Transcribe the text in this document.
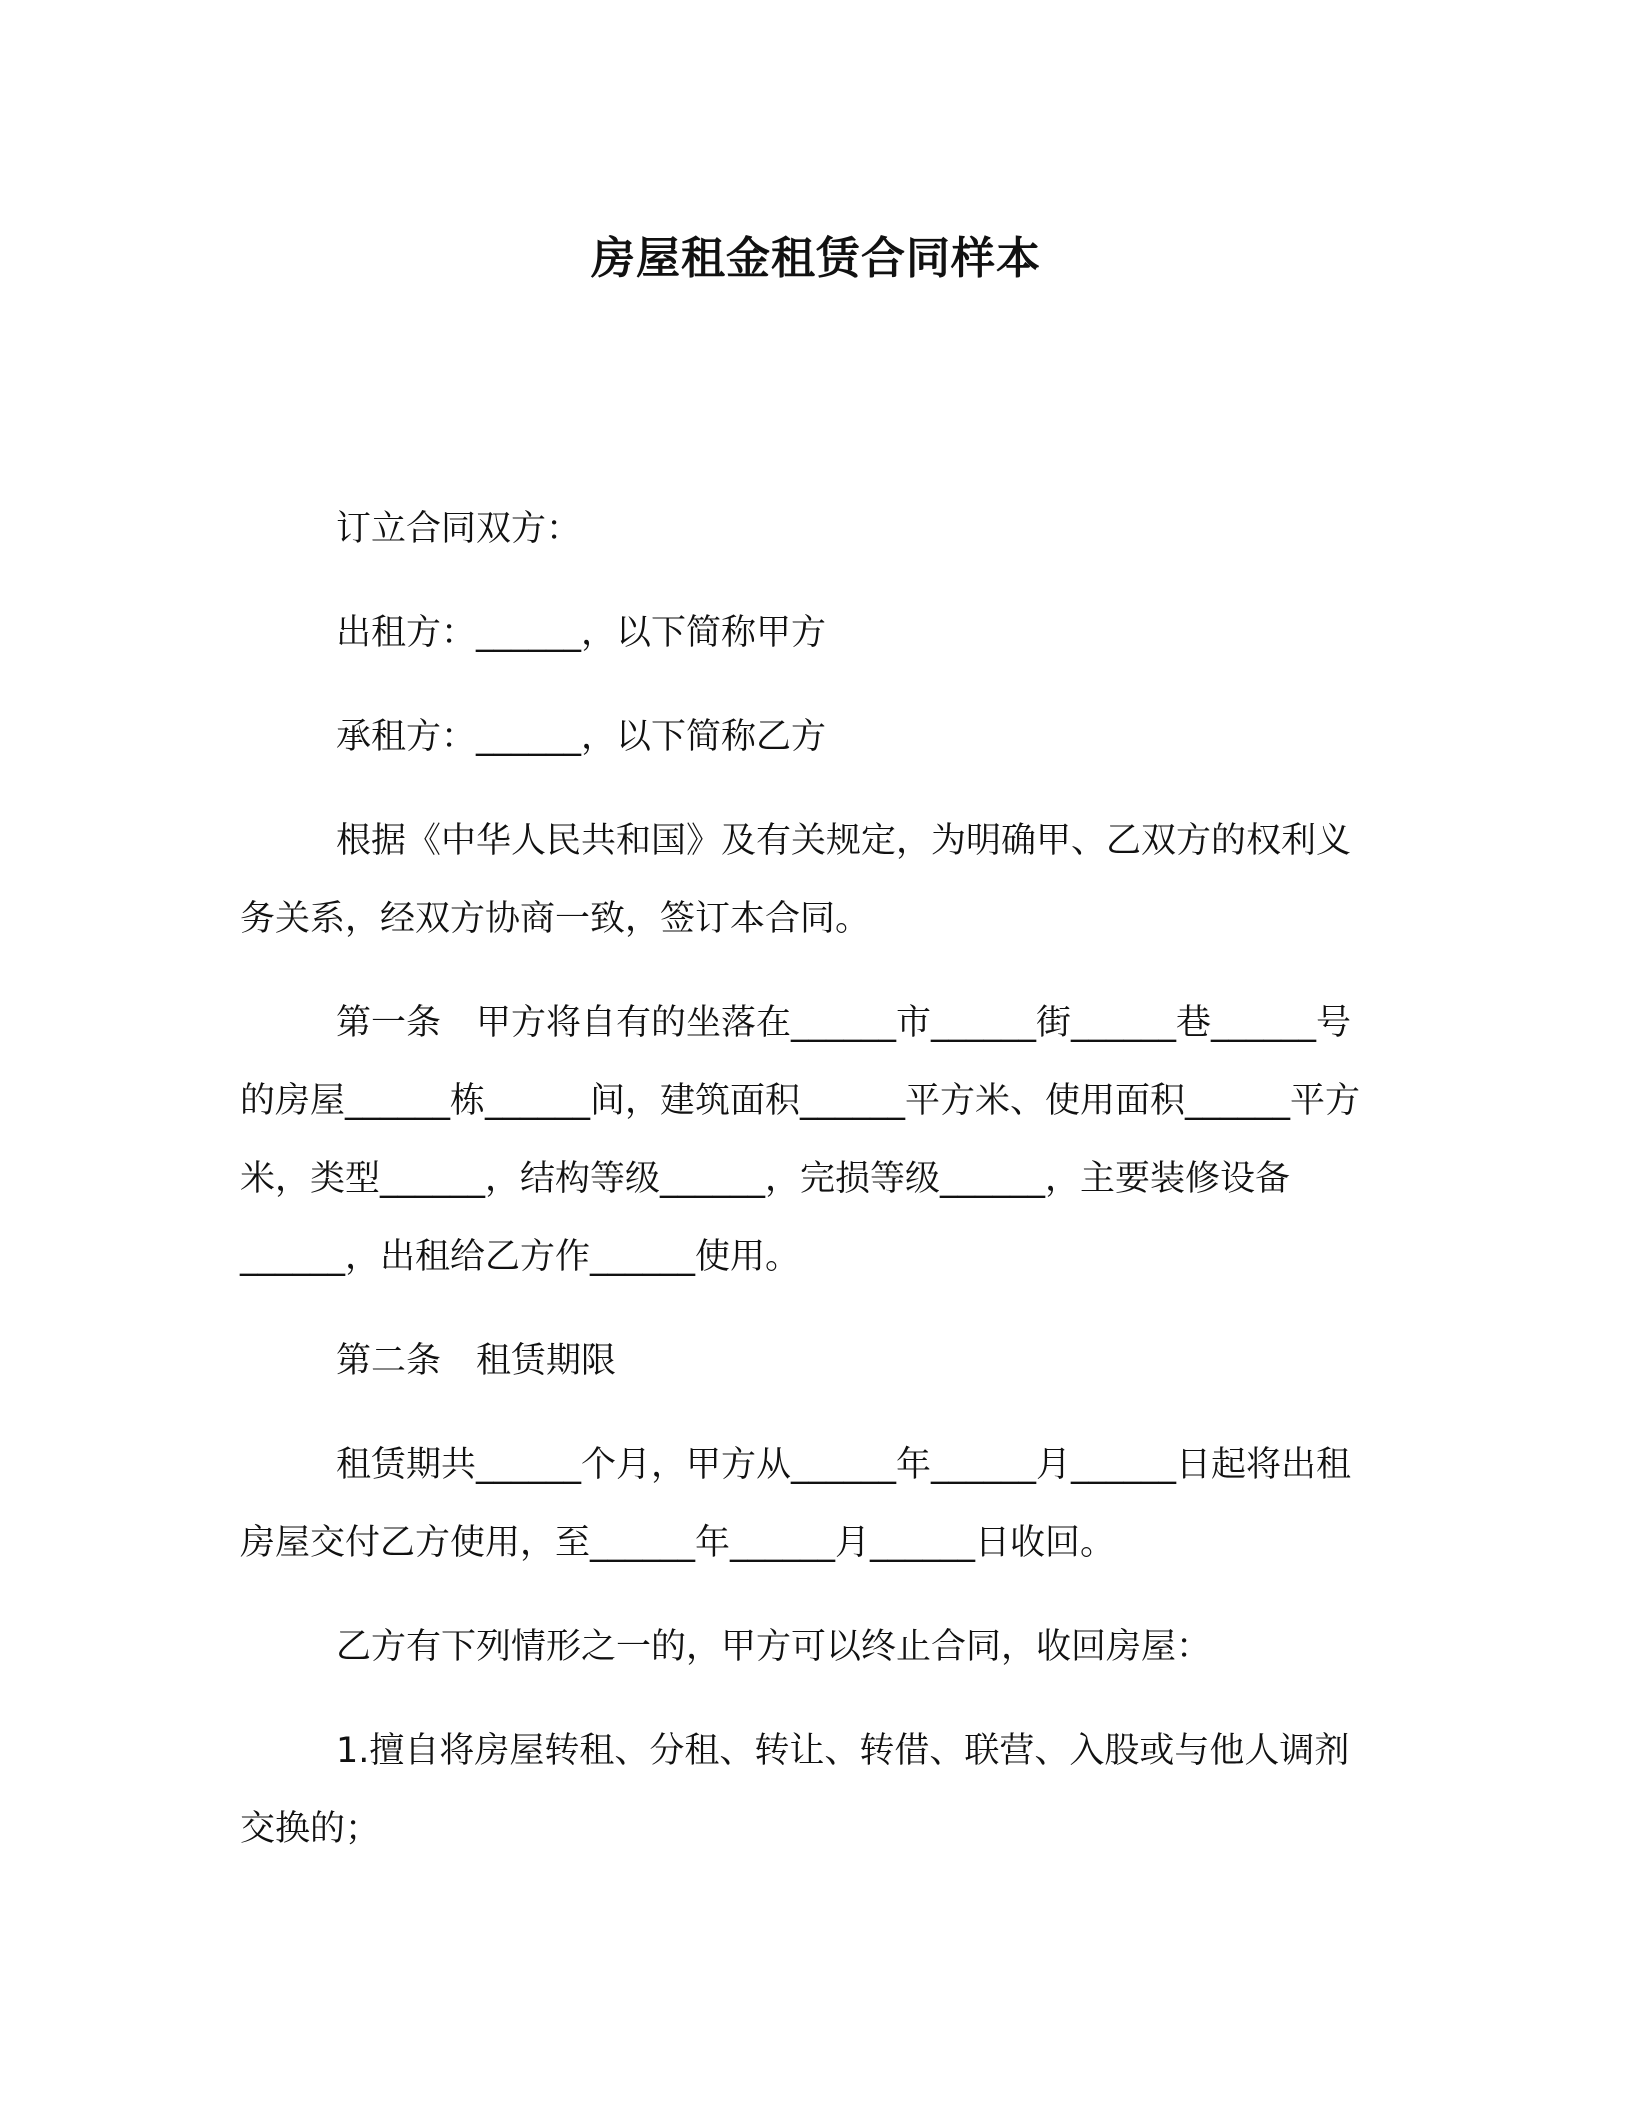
房屋租金租赁合同样本

订立合同双方：

出租方：______，以下简称甲方

承租方：______，以下简称乙方

根据《中华人民共和国》及有关规定，为明确甲、乙双方的权利义务关系，经双方协商一致，签订本合同。

第一条　甲方将自有的坐落在______市______街______巷______号的房屋______栋______间，建筑面积______平方米、使用面积______平方米，类型______，结构等级______，完损等级______，主要装修设备______，出租给乙方作______使用。

第二条　租赁期限

租赁期共______个月，甲方从______年______月______日起将出租房屋交付乙方使用，至______年______月______日收回。

乙方有下列情形之一的，甲方可以终止合同，收回房屋：

1.擅自将房屋转租、分租、转让、转借、联营、入股或与他人调剂交换的；
